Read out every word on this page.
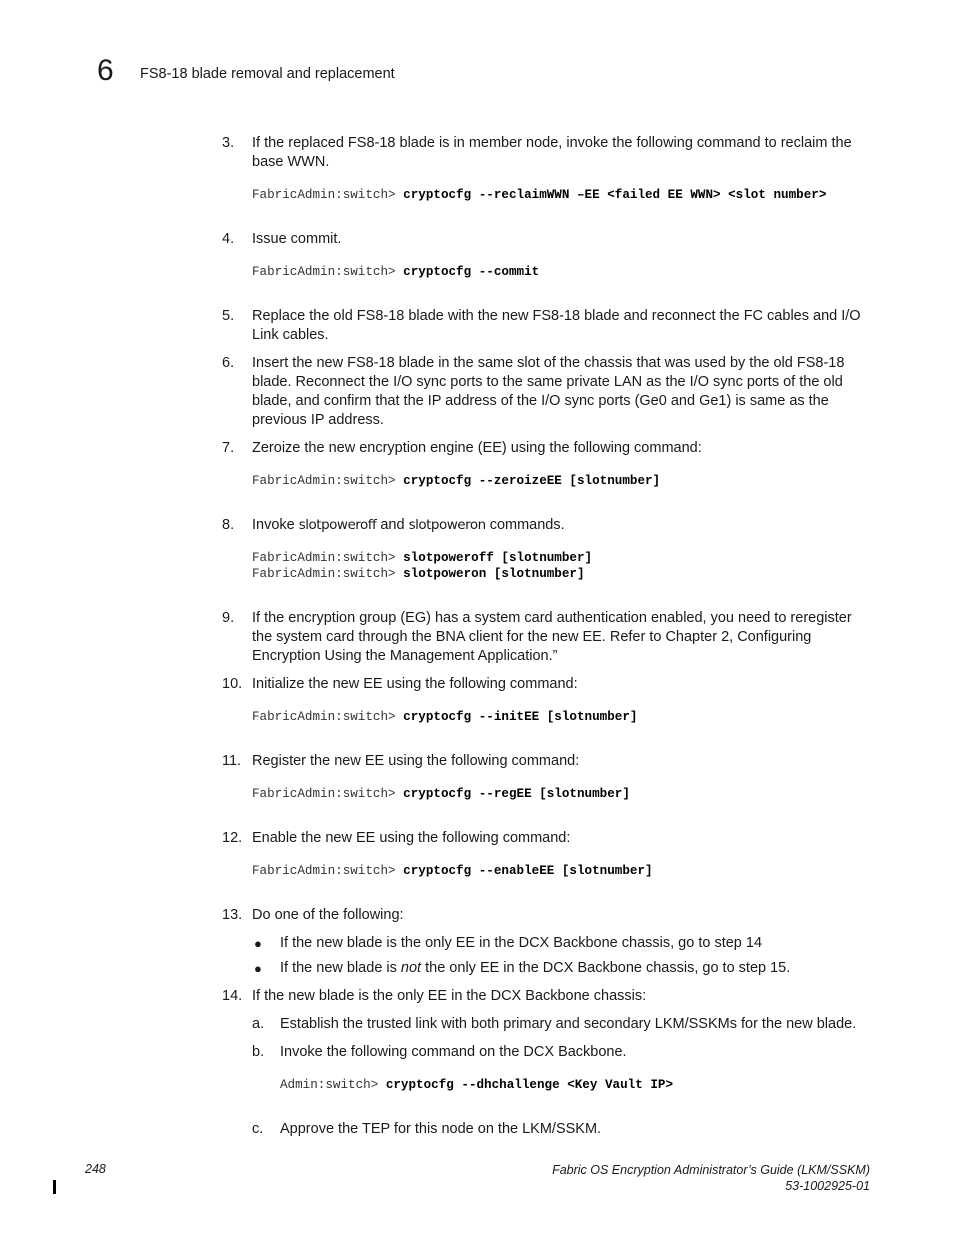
6 FS8-18 blade removal and replacement
3. If the replaced FS8-18 blade is in member node, invoke the following command to reclaim the base WWN.
FabricAdmin:switch> cryptocfg --reclaimWWN –EE <failed EE WWN> <slot number>
4. Issue commit.
FabricAdmin:switch> cryptocfg --commit
5. Replace the old FS8-18 blade with the new FS8-18 blade and reconnect the FC cables and I/O Link cables.
6. Insert the new FS8-18 blade in the same slot of the chassis that was used by the old FS8-18 blade. Reconnect the I/O sync ports to the same private LAN as the I/O sync ports of the old blade, and confirm that the IP address of the I/O sync ports (Ge0 and Ge1) is same as the previous IP address.
7. Zeroize the new encryption engine (EE) using the following command:
FabricAdmin:switch> cryptocfg --zeroizeEE [slotnumber]
8. Invoke slotpoweroff and slotpoweron commands.
FabricAdmin:switch> slotpoweroff [slotnumber]
FabricAdmin:switch> slotpoweron [slotnumber]
9. If the encryption group (EG) has a system card authentication enabled, you need to reregister the system card through the BNA client for the new EE. Refer to Chapter 2, Configuring Encryption Using the Management Application.”
10. Initialize the new EE using the following command:
FabricAdmin:switch> cryptocfg --initEE [slotnumber]
11. Register the new EE using the following command:
FabricAdmin:switch> cryptocfg --regEE [slotnumber]
12. Enable the new EE using the following command:
FabricAdmin:switch> cryptocfg --enableEE [slotnumber]
13. Do one of the following:
● If the new blade is the only EE in the DCX Backbone chassis, go to step 14
● If the new blade is not the only EE in the DCX Backbone chassis, go to step 15.
14. If the new blade is the only EE in the DCX Backbone chassis:
a. Establish the trusted link with both primary and secondary LKM/SSKMs for the new blade.
b. Invoke the following command on the DCX Backbone.
Admin:switch> cryptocfg --dhchallenge <Key Vault IP>
c. Approve the TEP for this node on the LKM/SSKM.
248	Fabric OS Encryption Administrator’s Guide (LKM/SSKM)
53-1002925-01
